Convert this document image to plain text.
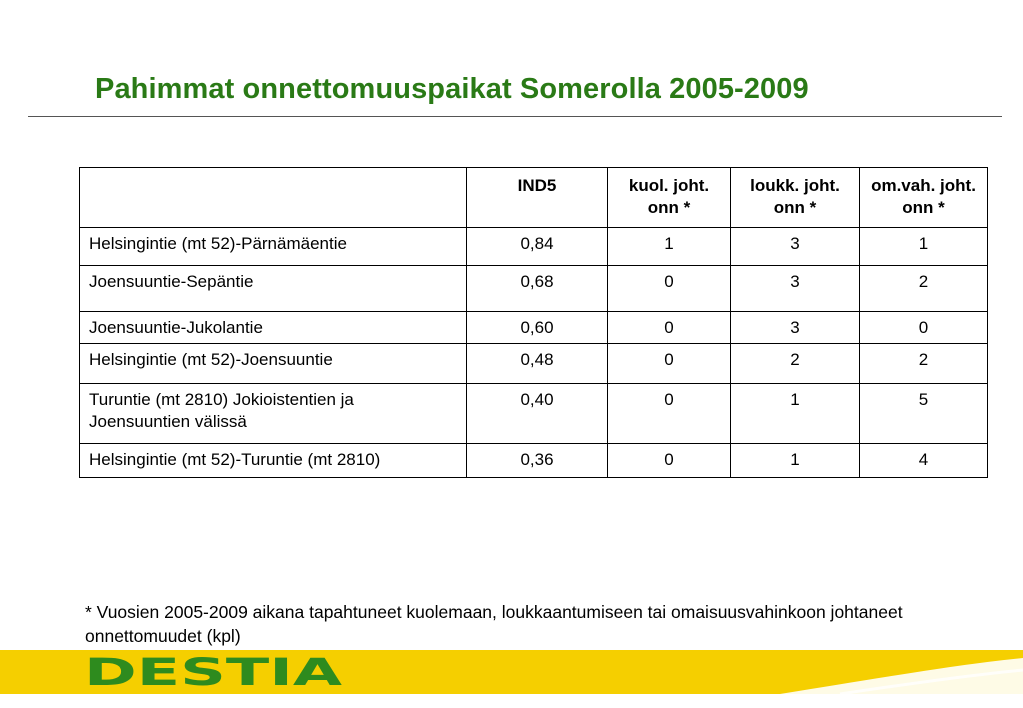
Pahimmat onnettomuuspaikat Somerolla 2005-2009
	IND5	kuol. joht. onn *	loukk. joht. onn *	om.vah. joht. onn *
Helsingintie (mt 52)-Pärnämäentie	0,84	1	3	1
Joensuuntie-Sepäntie	0,68	0	3	2
Joensuuntie-Jukolantie	0,60	0	3	0
Helsingintie (mt 52)-Joensuuntie	0,48	0	2	2
Turuntie (mt 2810) Jokioistentien ja Joensuuntien välissä	0,40	0	1	5
Helsingintie (mt 52)-Turuntie (mt 2810)	0,36	0	1	4
* Vuosien 2005-2009 aikana tapahtuneet kuolemaan, loukkaantumiseen tai omaisuusvahinkoon johtaneet onnettomuudet (kpl)
DESTIA
